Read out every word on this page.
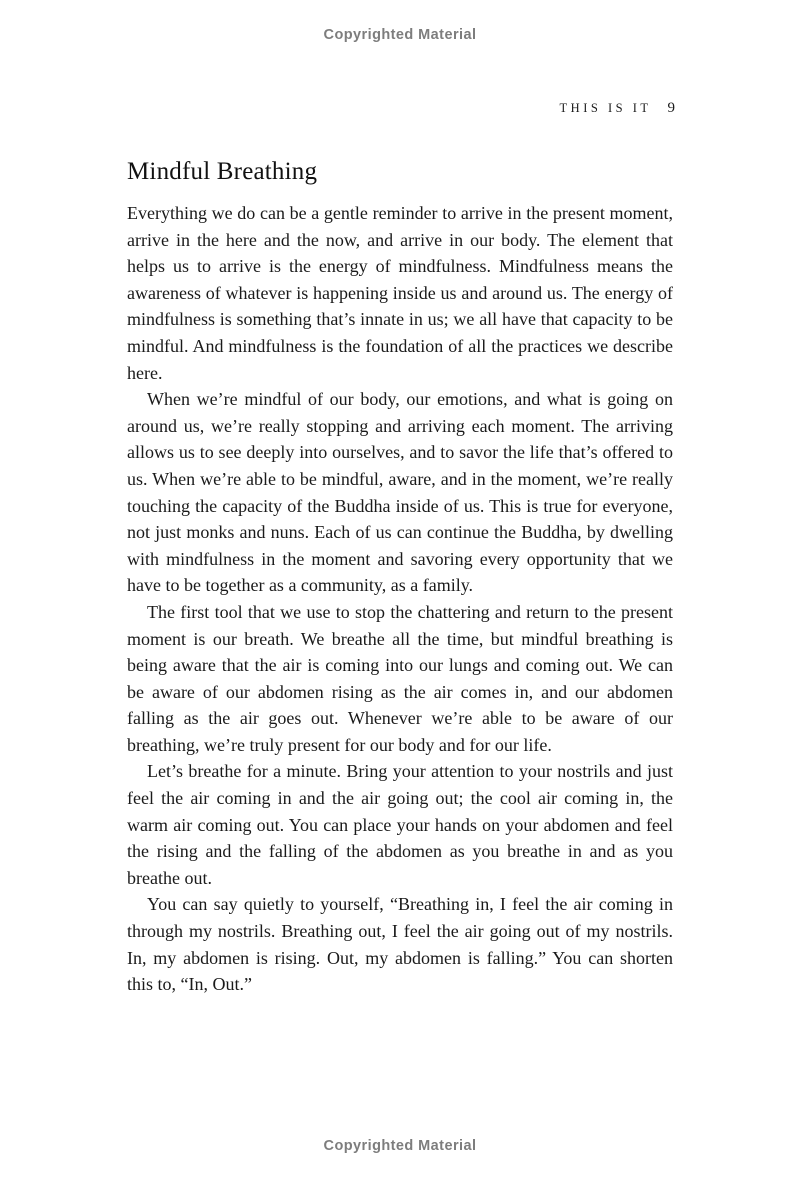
Copyrighted Material
THIS IS IT 9
Mindful Breathing

Everything we do can be a gentle reminder to arrive in the present moment, arrive in the here and the now, and arrive in our body. The element that helps us to arrive is the energy of mindfulness. Mindfulness means the awareness of whatever is happening inside us and around us. The energy of mindfulness is something that’s innate in us; we all have that capacity to be mindful. And mindfulness is the foundation of all the practices we describe here.

When we’re mindful of our body, our emotions, and what is going on around us, we’re really stopping and arriving each moment. The arriving allows us to see deeply into ourselves, and to savor the life that’s offered to us. When we’re able to be mindful, aware, and in the moment, we’re really touching the capacity of the Buddha inside of us. This is true for everyone, not just monks and nuns. Each of us can continue the Buddha, by dwelling with mindfulness in the moment and savoring every opportunity that we have to be together as a community, as a family.

The first tool that we use to stop the chattering and return to the present moment is our breath. We breathe all the time, but mindful breathing is being aware that the air is coming into our lungs and coming out. We can be aware of our abdomen rising as the air comes in, and our abdomen falling as the air goes out. Whenever we’re able to be aware of our breathing, we’re truly present for our body and for our life.

Let’s breathe for a minute. Bring your attention to your nostrils and just feel the air coming in and the air going out; the cool air coming in, the warm air coming out. You can place your hands on your abdomen and feel the rising and the falling of the abdomen as you breathe in and as you breathe out.

You can say quietly to yourself, “Breathing in, I feel the air coming in through my nostrils. Breathing out, I feel the air going out of my nostrils. In, my abdomen is rising. Out, my abdomen is falling.” You can shorten this to, “In, Out.”

Copyrighted Material
